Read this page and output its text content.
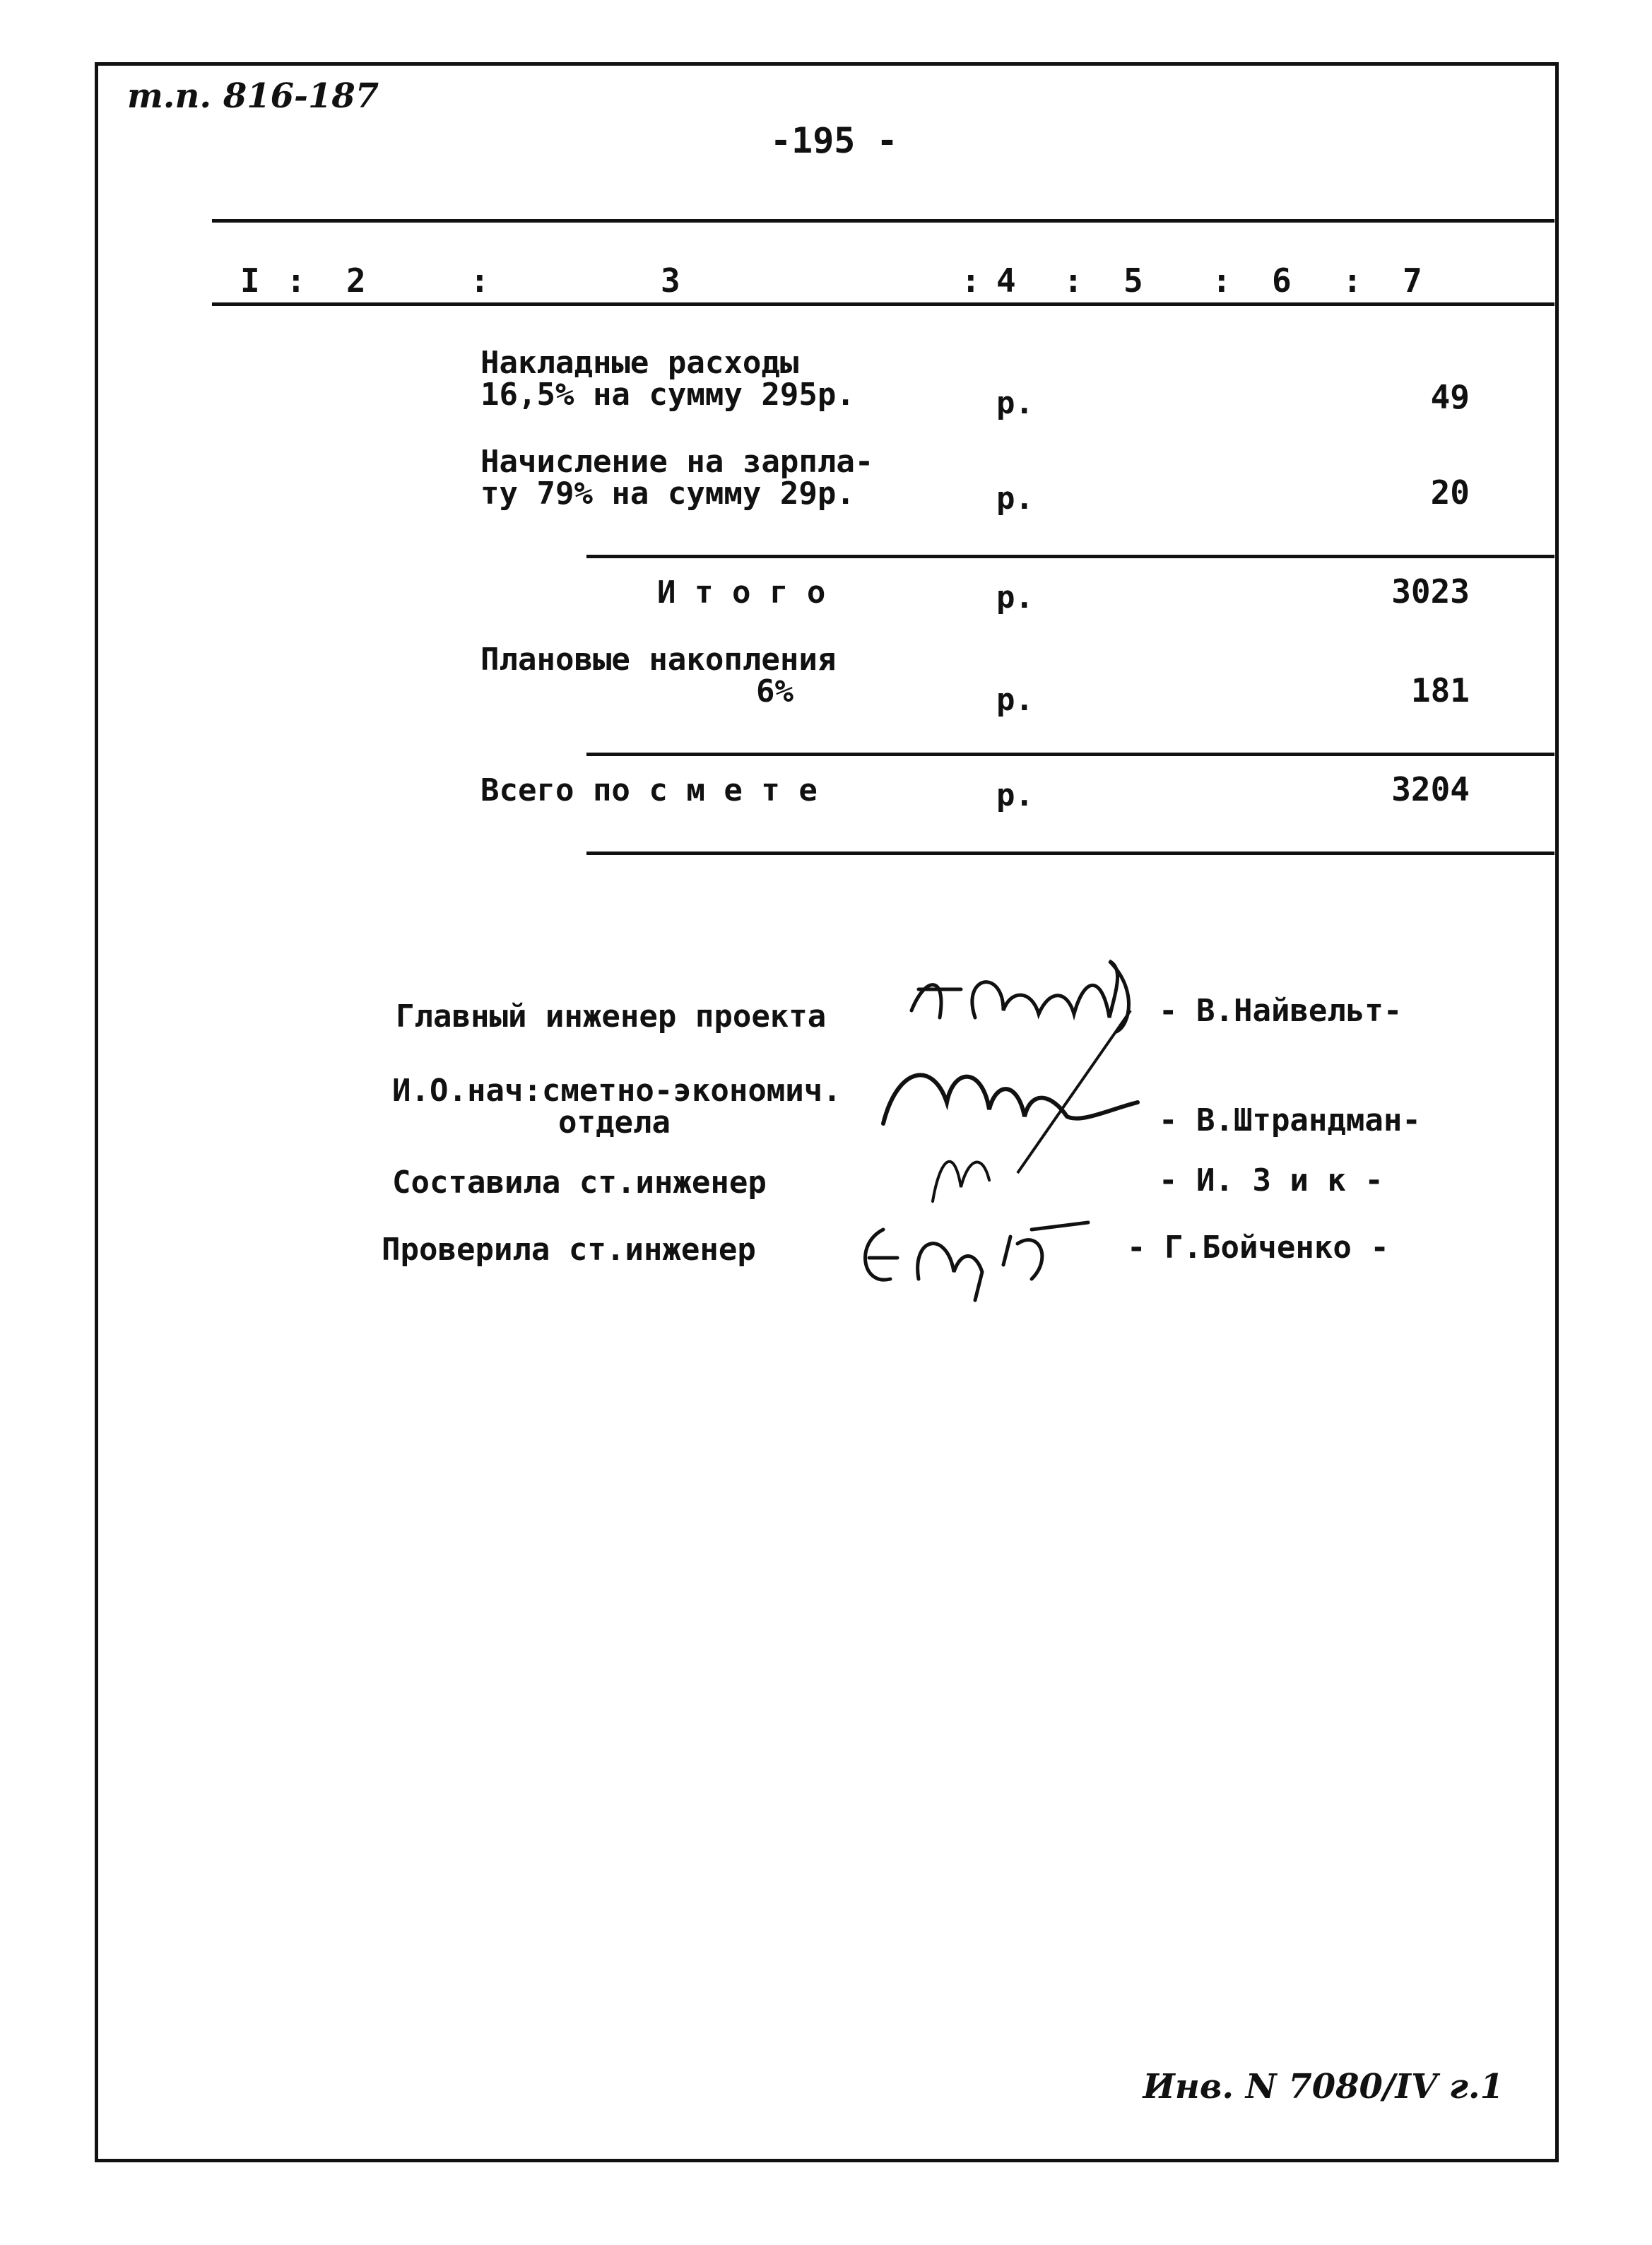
т.п. 816-187
-195 -
I : 2	:	3	: 4 : 5 : 6 : 7
Накладные расходы
16,5% на сумму 295р.	р.	49
Начисление на зарпла-
ту 79% на сумму 29р.	р.	20
И т о г о	р.	3023
Плановые накопления
6%	р.	181
Всего по с м е т е	р.	3204
Главный инженер проекта	- В.Найвельт-
И.О.нач:сметно-экономич.
отдела	- В.Штрандман-
Составила ст.инженер	- И. З и к -
Проверила ст.инженер	- Г.Бойченко -
Инв. N 7080/IV г.1
